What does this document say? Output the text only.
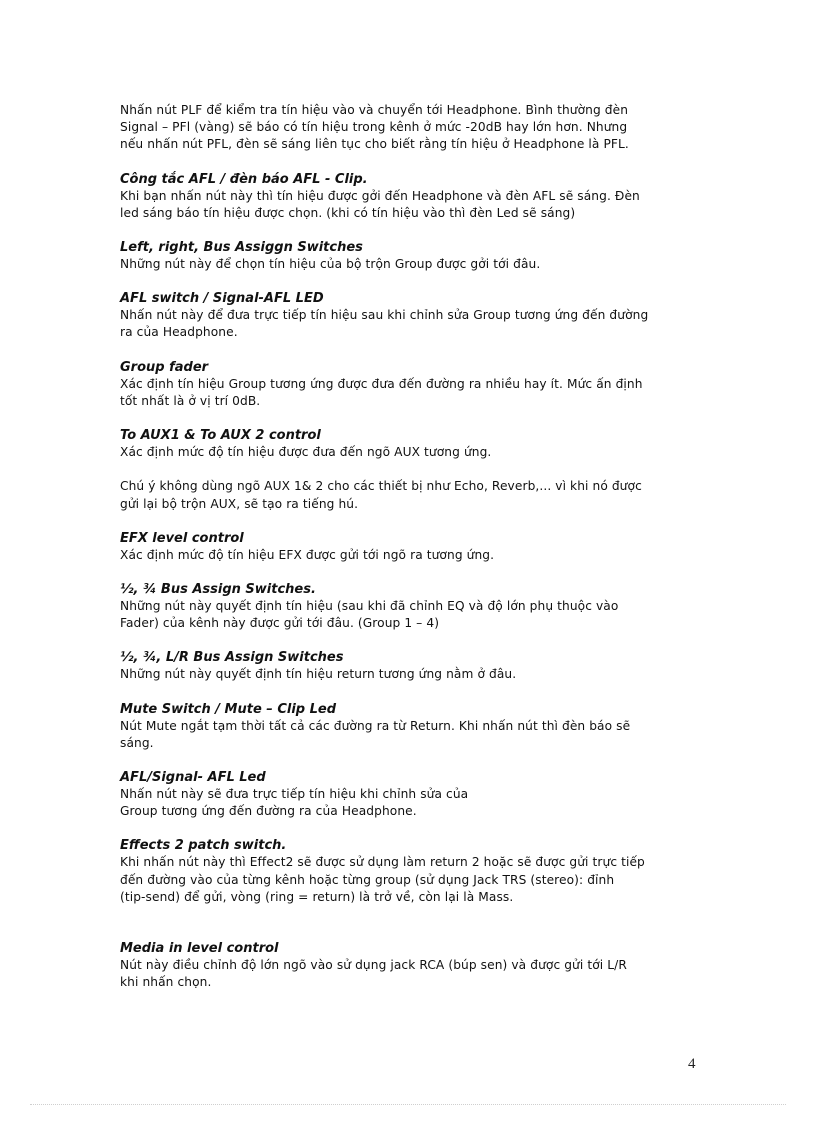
Nhấn nút PLF để kiểm tra tín hiệu vào và chuyển tới Headphone. Bình thường đèn
Signal – PFl (vàng) sẽ báo có tín hiệu trong kênh ở mức -20dB hay lớn hơn. Nhưng
nếu nhấn nút PFL, đèn sẽ sáng liên tục cho biết rằng tín hiệu ở Headphone là PFL.

Công tắc AFL / đèn báo AFL - Clip.

Khi bạn nhấn nút này thì tín hiệu được gởi đến Headphone và đèn AFL sẽ sáng. Đèn
led sáng báo tín hiệu được chọn. (khi có tín hiệu vào thì đèn Led sẽ sáng)

Left, right, Bus Assiggn Switches

Những nút này để chọn tín hiệu của bộ trộn Group được gởi tới đâu.

AFL switch / Signal-AFL LED

Nhấn nút này để đưa trực tiếp tín hiệu sau khi chỉnh sửa Group tương ứng đến đường
ra của Headphone.

Group fader

Xác định tín hiệu Group tương ứng được đưa đến đường ra nhiều hay ít. Mức ấn định
tốt nhất là ở vị trí 0dB.

To AUX1 & To AUX 2 control

Xác định mức độ tín hiệu được đưa đến ngõ AUX tương ứng.

Chú ý không dùng ngõ AUX 1& 2 cho các thiết bị như Echo, Reverb,... vì khi nó được
gửi lại bộ trộn AUX, sẽ tạo ra tiếng hú.

EFX level control

Xác định mức độ tín hiệu EFX được gửi tới ngõ ra tương ứng.

½, ¾ Bus Assign Switches.

Những nút này quyết định tín hiệu (sau khi đã chỉnh EQ và độ lớn phụ thuộc vào
Fader) của kênh này được gửi tới đâu. (Group 1 – 4)

½, ¾, L/R Bus Assign Switches

Những nút này quyết định tín hiệu return tương ứng nằm ở đâu.

Mute Switch / Mute – Clip Led

Nút Mute ngắt tạm thời tất cả các đường ra từ Return. Khi nhấn nút thì đèn báo sẽ
sáng.

AFL/Signal- AFL Led

Nhấn nút này sẽ đưa trực tiếp tín hiệu khi chỉnh sửa của
Group tương ứng đến đường ra của Headphone.

Effects 2 patch switch.

Khi nhấn nút này thì Effect2 sẽ được sử dụng làm return 2 hoặc sẽ được gửi trực tiếp
đến đường vào của từng kênh hoặc từng group (sử dụng Jack TRS (stereo): đỉnh
(tip-send) để gửi, vòng (ring = return) là trở về, còn lại là Mass.

Media in level control

Nút này điều chỉnh độ lớn ngõ vào sử dụng jack RCA (búp sen) và được gửi tới L/R
khi nhấn chọn.

4
